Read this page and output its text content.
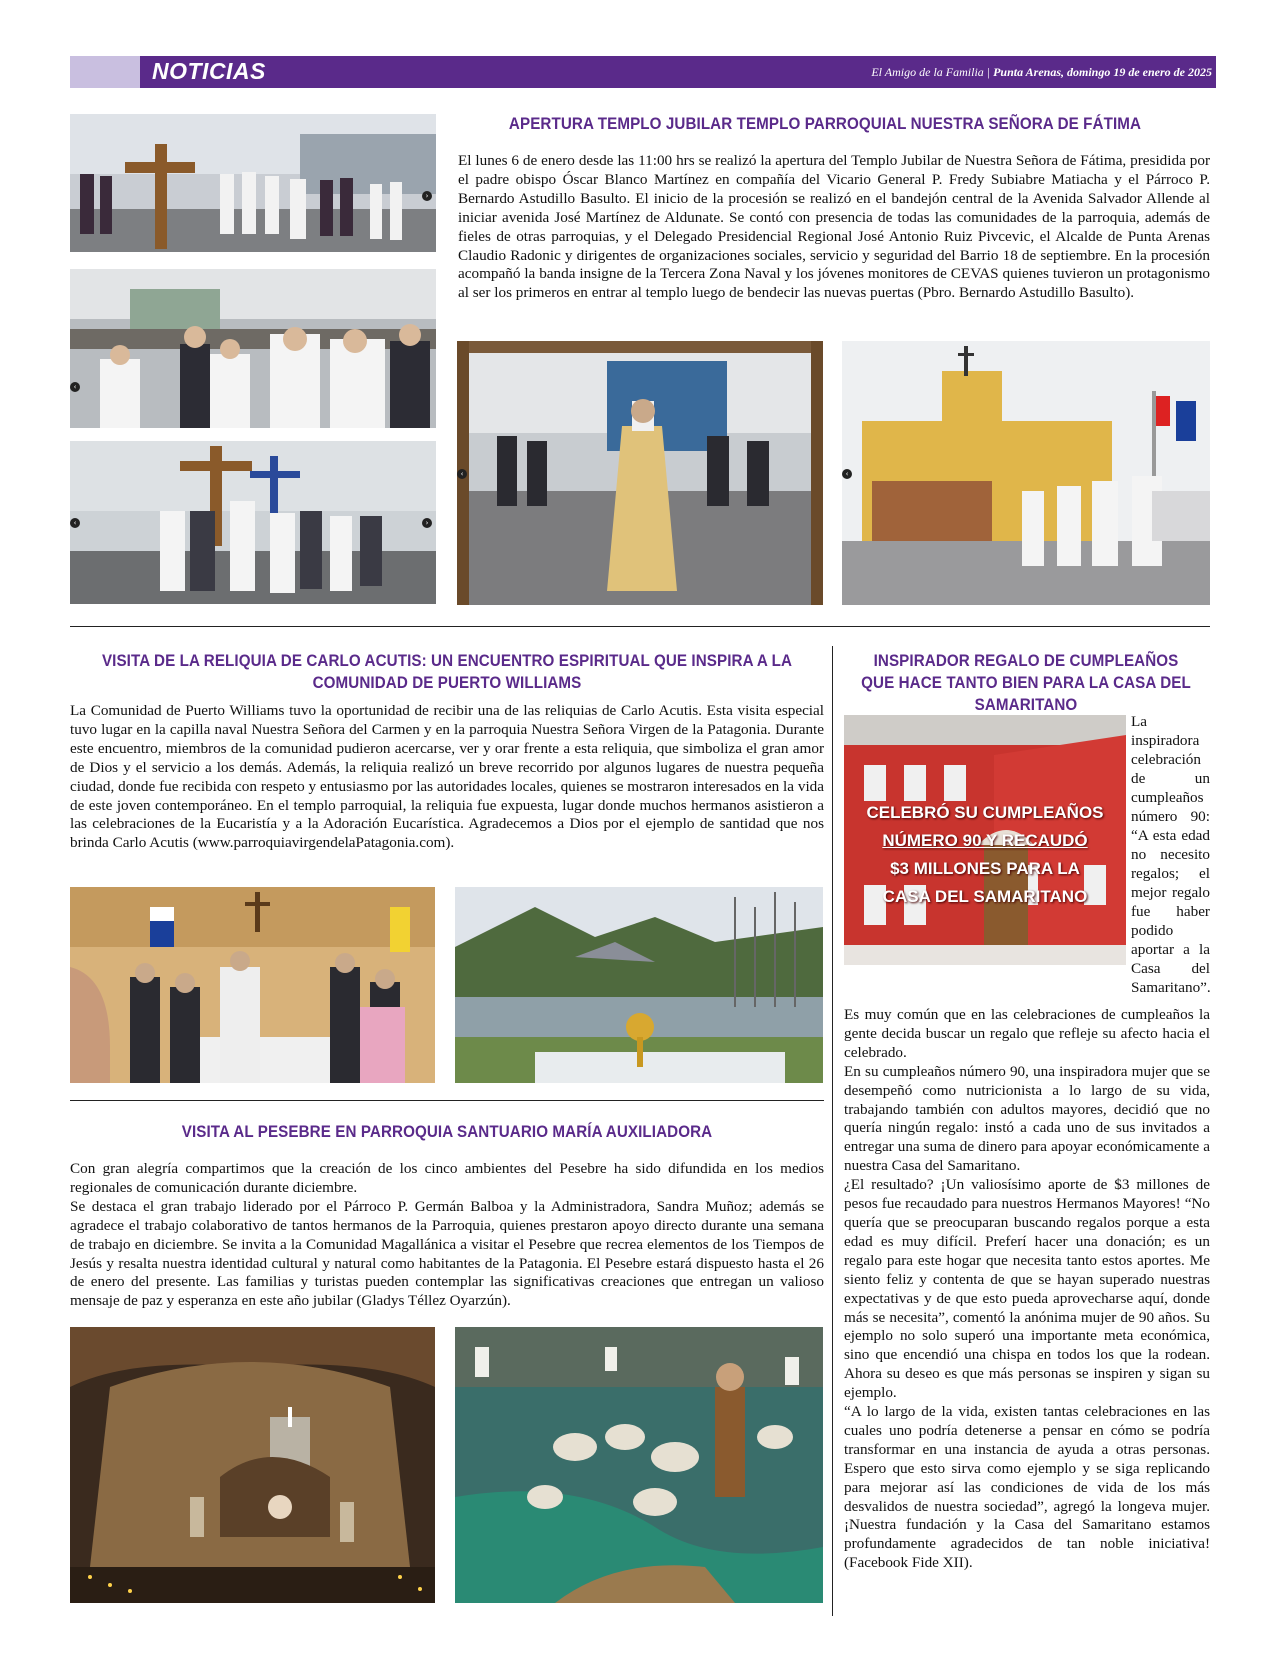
NOTICIAS	El Amigo de la Familia | Punta Arenas, domingo 19 de enero de 2025
›
‹
‹	›
APERTURA TEMPLO JUBILAR TEMPLO PARROQUIAL NUESTRA SEÑORA DE FÁTIMA
El lunes 6 de enero desde las 11:00 hrs se realizó la apertura del Templo Jubilar de Nuestra Señora de Fátima, presidida por el padre obispo Óscar Blanco Martínez en compañía del Vicario General P. Fredy Subiabre Matiacha y el Párroco P. Bernardo Astudillo Basulto. El inicio de la procesión se realizó en el bandejón central de la Avenida Salvador Allende al iniciar avenida José Martínez de Aldunate. Se contó con presencia de todas las comunidades de la parroquia, además de fieles de otras parroquias, y el Delegado Presidencial Regional José Antonio Ruiz Pivcevic, el Alcalde de Punta Arenas Claudio Radonic y dirigentes de organizaciones sociales, servicio y seguridad del Barrio 18 de septiembre. En la procesión acompañó la banda insigne de la Tercera Zona Naval y los jóvenes monitores de CEVAS quienes tuvieron un protagonismo al ser los primeros en entrar al templo luego de bendecir las nuevas puertas (Pbro. Bernardo Astudillo Basulto).
‹	‹
VISITA DE LA RELIQUIA DE CARLO ACUTIS: UN ENCUENTRO ESPIRITUAL QUE INSPIRA A LA COMUNIDAD DE PUERTO WILLIAMS
La Comunidad de Puerto Williams tuvo la oportunidad de recibir una de las reliquias de Carlo Acutis. Esta visita especial tuvo lugar en la capilla naval Nuestra Señora del Carmen y en la parroquia Nuestra Señora Virgen de la Patagonia. Durante este encuentro, miembros de la comunidad pudieron acercarse, ver y orar frente a esta reliquia, que simboliza el gran amor de Dios y el servicio a los demás. Además, la reliquia realizó un breve recorrido por algunos lugares de nuestra pequeña ciudad, donde fue recibida con respeto y entusiasmo por las autoridades locales, quienes se mostraron interesados en la vida de este joven contemporáneo. En el templo parroquial, la reliquia fue expuesta, lugar donde muchos hermanos asistieron a las celebraciones de la Eucaristía y a la Adoración Eucarística. Agradecemos a Dios por el ejemplo de santidad que nos brinda Carlo Acutis (www.parroquiavirgendelaPatagonia.com).
VISITA AL PESEBRE EN PARROQUIA SANTUARIO MARÍA AUXILIADORA

Con gran alegría compartimos que la creación de los cinco ambientes del Pesebre ha sido difundida en los medios regionales de comunicación durante diciembre.

Se destaca el gran trabajo liderado por el Párroco P. Germán Balboa y la Administradora, Sandra Muñoz; además se agradece el trabajo colaborativo de tantos hermanos de la Parroquia, quienes prestaron apoyo directo durante una semana de trabajo en diciembre. Se invita a la Comunidad Magallánica a visitar el Pesebre que recrea elementos de los Tiempos de Jesús y resalta nuestra identidad cultural y natural como habitantes de la Patagonia. El Pesebre estará dispuesto hasta el 26 de enero del presente. Las familias y turistas pueden contemplar las significativas creaciones que entregan un valioso mensaje de paz y esperanza en este año jubilar (Gladys Téllez Oyarzún).

INSPIRADOR REGALO DE CUMPLEAÑOS QUE HACE TANTO BIEN PARA LA CASA DEL SAMARITANO
CELEBRÓ SU CUMPLEAÑOS
NÚMERO 90 Y RECAUDÓ
$3 MILLONES PARA LA
CASA DEL SAMARITANO
La inspiradora celebración de un cumpleaños número 90: “A esta edad no necesito regalos; el mejor regalo fue haber podido aportar a la Casa del Samaritano”.

Es muy común que en las celebraciones de cumpleaños la gente decida buscar un regalo que refleje su afecto hacia el celebrado.

En su cumpleaños número 90, una inspiradora mujer que se desempeñó como nutricionista a lo largo de su vida, trabajando también con adultos mayores, decidió que no quería ningún regalo: instó a cada uno de sus invitados a entregar una suma de dinero para apoyar económicamente a nuestra Casa del Samaritano.

¿El resultado? ¡Un valiosísimo aporte de $3 millones de pesos fue recaudado para nuestros Hermanos Mayores! “No quería que se preocuparan buscando regalos porque a esta edad es muy difícil. Preferí hacer una donación; es un regalo para este hogar que necesita tanto estos aportes. Me siento feliz y contenta de que se hayan superado nuestras expectativas y de que esto pueda aprovecharse aquí, donde más se necesita”, comentó la anónima mujer de 90 años. Su ejemplo no solo superó una importante meta económica, sino que encendió una chispa en todos los que la rodean. Ahora su deseo es que más personas se inspiren y sigan su ejemplo.

“A lo largo de la vida, existen tantas celebraciones en las cuales uno podría detenerse a pensar en cómo se podría transformar en una instancia de ayuda a otras personas. Espero que esto sirva como ejemplo y se siga replicando para mejorar así las condiciones de vida de los más desvalidos de nuestra sociedad”, agregó la longeva mujer. ¡Nuestra fundación y la Casa del Samaritano estamos profundamente agradecidos de tan noble iniciativa! (Facebook Fide XII).
